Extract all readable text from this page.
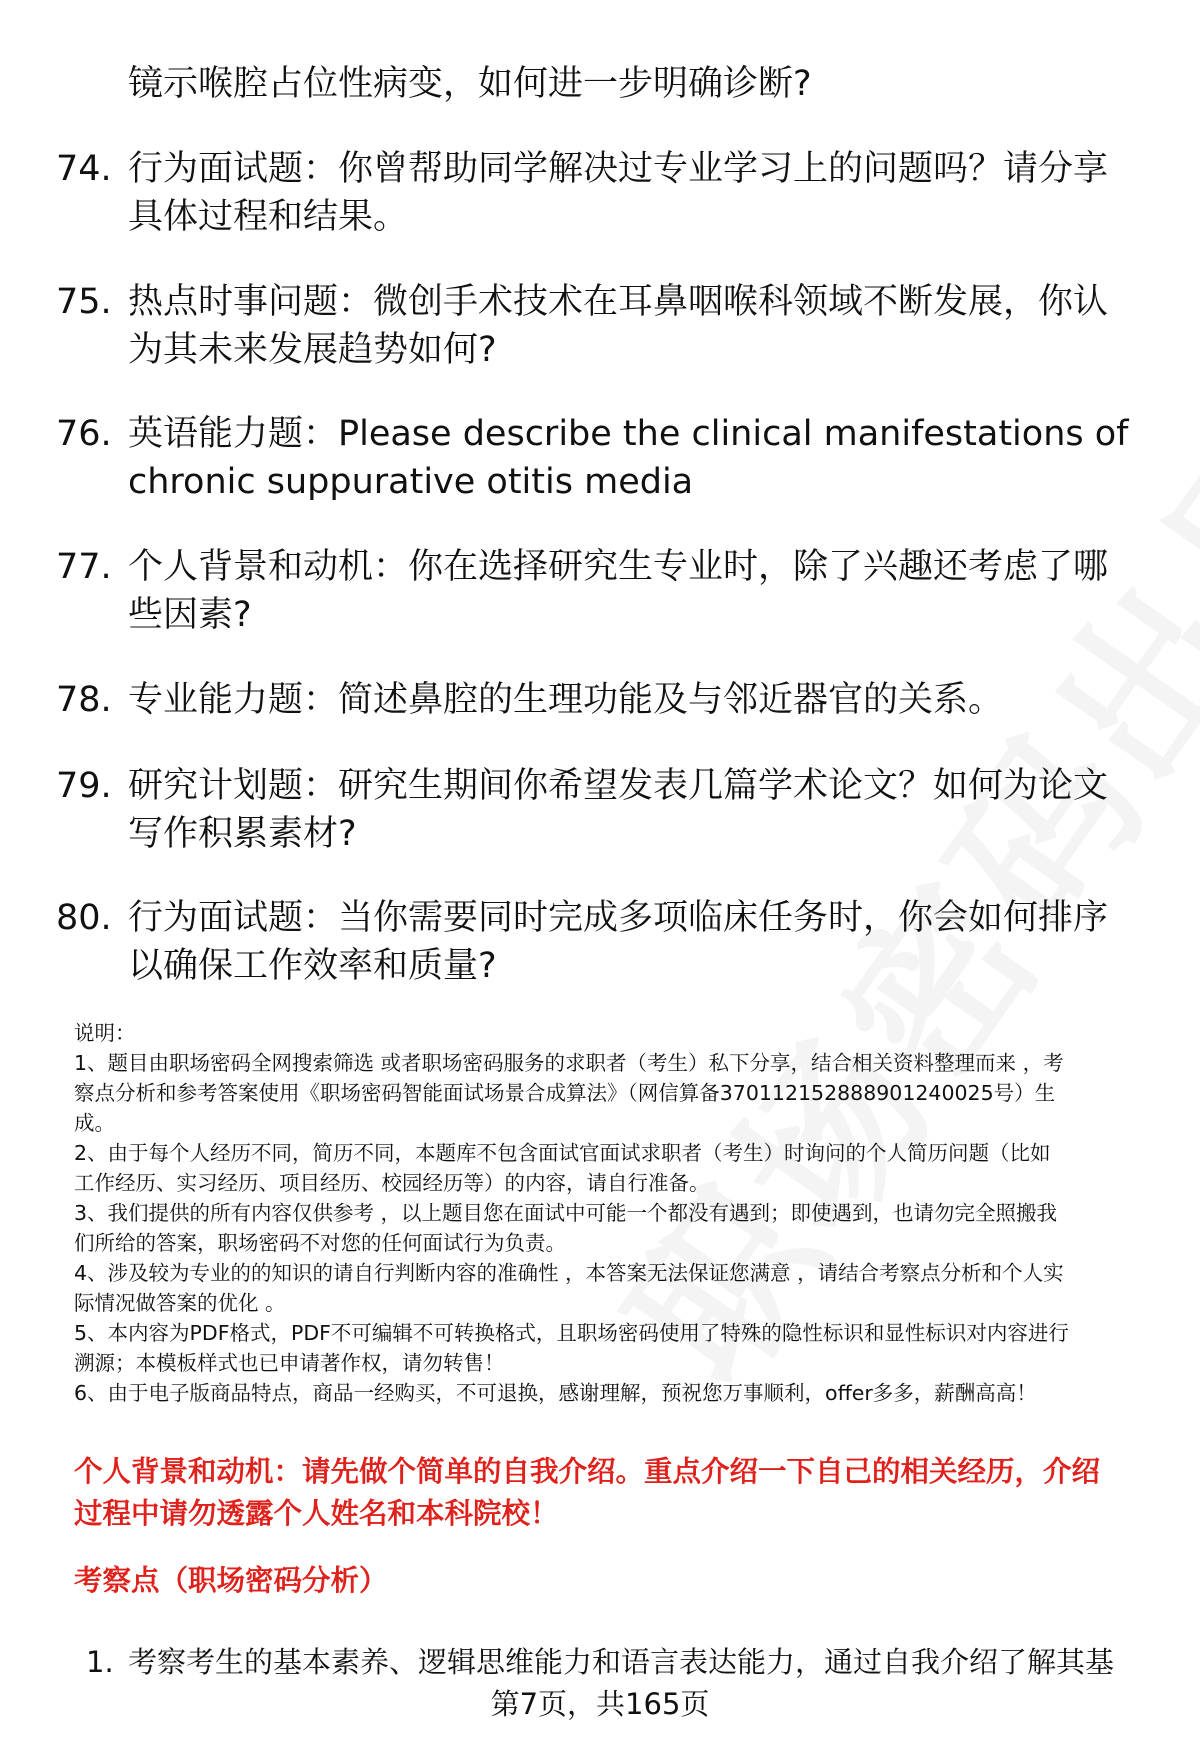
镜示喉腔占位性病变，如何进一步明确诊断?
74. 行为面试题：你曾帮助同学解决过专业学习上的问题吗？请分享
具体过程和结果。
75. 热点时事问题：微创手术技术在耳鼻咽喉科领域不断发展，你认
为其未来发展趋势如何?
76. 英语能力题：Please describe the clinical manifestations of
chronic suppurative otitis media
77. 个人背景和动机：你在选择研究生专业时，除了兴趣还考虑了哪
些因素?
78. 专业能力题：简述鼻腔的生理功能及与邻近器官的关系。
79. 研究计划题：研究生期间你希望发表几篇学术论文？如何为论文
写作积累素材?
80. 行为面试题：当你需要同时完成多项临床任务时，你会如何排序
以确保工作效率和质量?
说明：
1、题目由职场密码全网搜索筛选 或者职场密码服务的求职者（考生）私下分享，结合相关资料整理而来 ，考
察点分析和参考答案使用《职场密码智能面试场景合成算法》（网信算备370112152888901240025号）生
成。
2、由于每个人经历不同，简历不同，本题库不包含面试官面试求职者（考生）时询问的个人简历问题（比如
工作经历、实习经历、项目经历、校园经历等）的内容，请自行准备。
3、我们提供的所有内容仅供参考 ，以上题目您在面试中可能一个都没有遇到；即使遇到，也请勿完全照搬我
们所给的答案，职场密码不对您的任何面试行为负责。
4、涉及较为专业的的知识的请自行判断内容的准确性 ，本答案无法保证您满意 ，请结合考察点分析和个人实
际情况做答案的优化 。
5、本内容为PDF格式，PDF不可编辑不可转换格式，且职场密码使用了特殊的隐性标识和显性标识对内容进行
溯源；本模板样式也已申请著作权，请勿转售！
6、由于电子版商品特点，商品一经购买，不可退换，感谢理解，预祝您万事顺利，offer多多，薪酬高高！
个人背景和动机：请先做个简单的自我介绍。重点介绍一下自己的相关经历，介绍
过程中请勿透露个人姓名和本科院校！
考察点（职场密码分析）
1. 考察考生的基本素养、逻辑思维能力和语言表达能力，通过自我介绍了解其基
第7页，共165页
